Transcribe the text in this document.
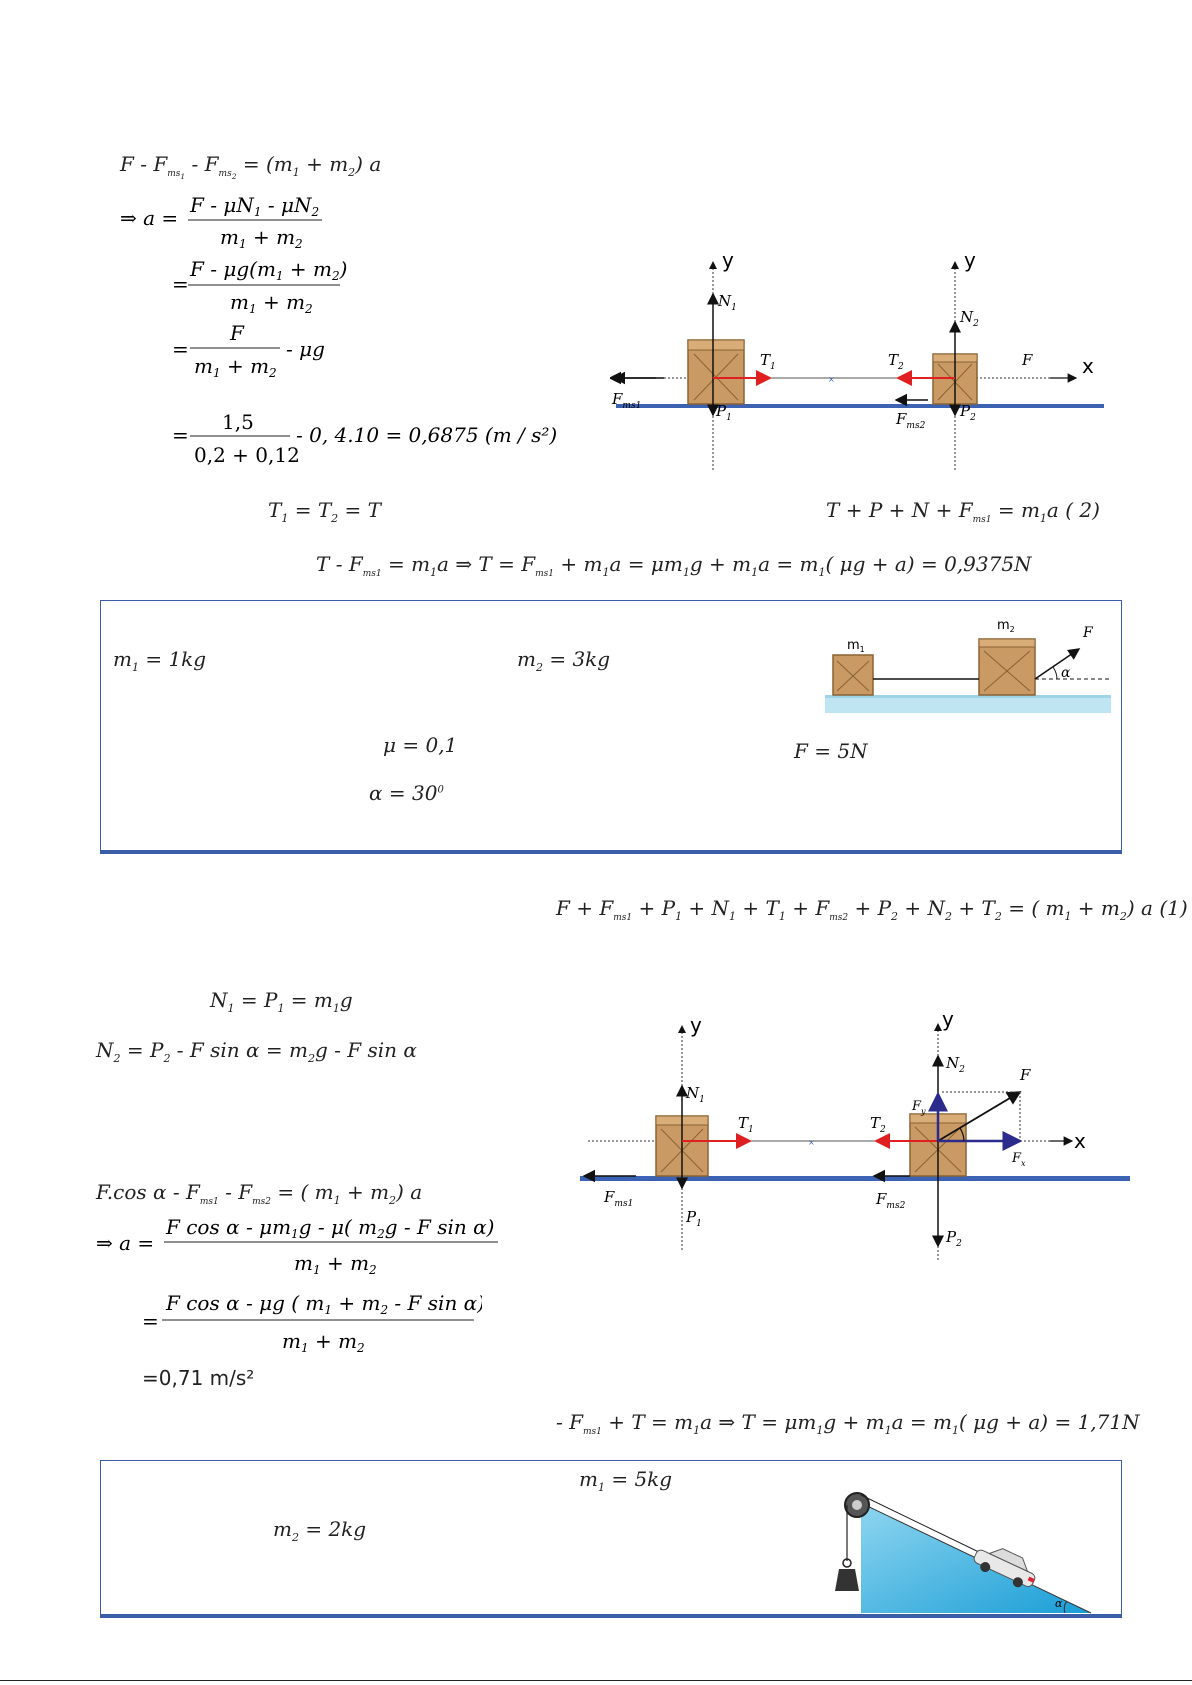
$F - F_{ms_1} - F_{ms_2} = (m_1 + m_2)$ a
⇒ a =
F - $\mu N_1 - \mu N_2$
$m_1 + m_2$
=
$F - \mu g(m_1 + m_2)$
$m_1 + m_2$
=
F
$m_1 + m_2$
- μg
=
1,5
0,2 + 0,12
- 0, 4.10 = 0,6875 (m / s²)
$T_1 = T_2 = T$	$T + P + N + F_{ms1} = m_1a$ ( 2)
$T - F_{ms1} = m_1a$ ⇒ $T = F_{ms1} + m_1a = \mu m_1g + m_1a = m_1$( μg + a) = 0,9375N
x
y	y
×
$N_1$
$P_1$
$T_1$
$N_2$
$P_2$
$T_2$	F
$F_{ms2}$
$F_{ms1}$
$m_1 = 1kg$	$m_2 = 3kg$
μ = 0,1	F = 5N
$\alpha = 30^0$
α
F
$m_1$
$m_2$
$F + F_{ms1} + P_1 + N_1 + T_1 + F_{ms2} + P_2 + N_2 + T_2$ = ( $m_1 + m_2$) a (1)
$N_1 = P_1 = m_1g$
$N_2 = P_2 - F$ $\sin \alpha = m_2g - F$ sin α
F.cos α - $F_{ms1} - F_{ms2}$ = ( $m_1 + m_2$) a
⇒ a =
F cos α - $\mu m_1g - \mu$( $m_2g$ - F sin α)
$m_1 + m_2$
=
F cos α - μg ( $m_1 + m_2 - F$ sin α)
$m_1 + m_2$
=0,71 m/s²
- $F_{ms1} + T = m_1a$ ⇒ $T = \mu m_1g + m_1a = m_1$( μg + a) = 1,71N
x
y	y
×
$N_1$
$P_1$
$T_1$
$F_{ms1}$
$T_2$
$F_{ms2}$
$N_2$
$P_2$
F
$F_y$
$F_x$
$m_1 = 5kg$
$m_2 = 2kg$
α
